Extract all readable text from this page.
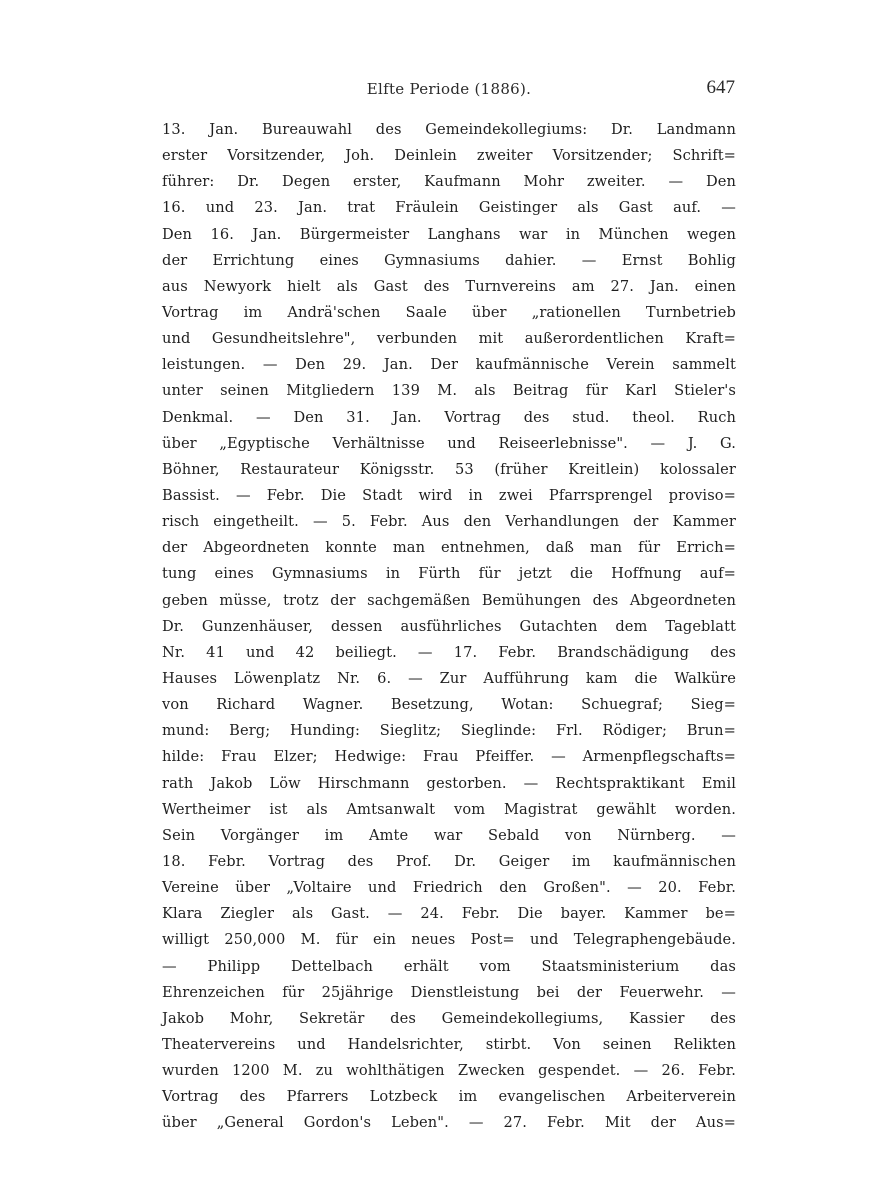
Elfte Periode (1886).	647
13. Jan. Bureauwahl des Gemeindekollegiums: Dr. Landmann
erster Vorsitzender, Joh. Deinlein zweiter Vorsitzender; Schrift=
führer: Dr. Degen erster, Kaufmann Mohr zweiter. — Den
16. und 23. Jan. trat Fräulein Geistinger als Gast auf. —
Den 16. Jan. Bürgermeister Langhans war in München wegen
der Errichtung eines Gymnasiums dahier. — Ernst Bohlig
aus Newyork hielt als Gast des Turnvereins am 27. Jan. einen
Vortrag im Andrä'schen Saale über „rationellen Turnbetrieb
und Gesundheitslehre", verbunden mit außerordentlichen Kraft=
leistungen. — Den 29. Jan. Der kaufmännische Verein sammelt
unter seinen Mitgliedern 139 M. als Beitrag für Karl Stieler's
Denkmal. — Den 31. Jan. Vortrag des stud. theol. Ruch
über „Egyptische Verhältnisse und Reiseerlebnisse". — J. G.
Böhner, Restaurateur Königsstr. 53 (früher Kreitlein) kolossaler
Bassist. — Febr. Die Stadt wird in zwei Pfarrsprengel proviso=
risch eingetheilt. — 5. Febr. Aus den Verhandlungen der Kammer
der Abgeordneten konnte man entnehmen, daß man für Errich=
tung eines Gymnasiums in Fürth für jetzt die Hoffnung auf=
geben müsse, trotz der sachgemäßen Bemühungen des Abgeordneten
Dr. Gunzenhäuser, dessen ausführliches Gutachten dem Tageblatt
Nr. 41 und 42 beiliegt. — 17. Febr. Brandschädigung des
Hauses Löwenplatz Nr. 6. — Zur Aufführung kam die Walküre
von Richard Wagner. Besetzung, Wotan: Schuegraf; Sieg=
mund: Berg; Hunding: Sieglitz; Sieglinde: Frl. Rödiger; Brun=
hilde: Frau Elzer; Hedwige: Frau Pfeiffer. — Armenpflegschafts=
rath Jakob Löw Hirschmann gestorben. — Rechtspraktikant Emil
Wertheimer ist als Amtsanwalt vom Magistrat gewählt worden.
Sein Vorgänger im Amte war Sebald von Nürnberg. —
18. Febr. Vortrag des Prof. Dr. Geiger im kaufmännischen
Vereine über „Voltaire und Friedrich den Großen". — 20. Febr.
Klara Ziegler als Gast. — 24. Febr. Die bayer. Kammer be=
willigt 250,000 M. für ein neues Post= und Telegraphengebäude.
— Philipp Dettelbach erhält vom Staatsministerium das
Ehrenzeichen für 25jährige Dienstleistung bei der Feuerwehr. —
Jakob Mohr, Sekretär des Gemeindekollegiums, Kassier des
Theatervereins und Handelsrichter, stirbt. Von seinen Relikten
wurden 1200 M. zu wohlthätigen Zwecken gespendet. — 26. Febr.
Vortrag des Pfarrers Lotzbeck im evangelischen Arbeiterverein
über „General Gordon's Leben". — 27. Febr. Mit der Aus=
